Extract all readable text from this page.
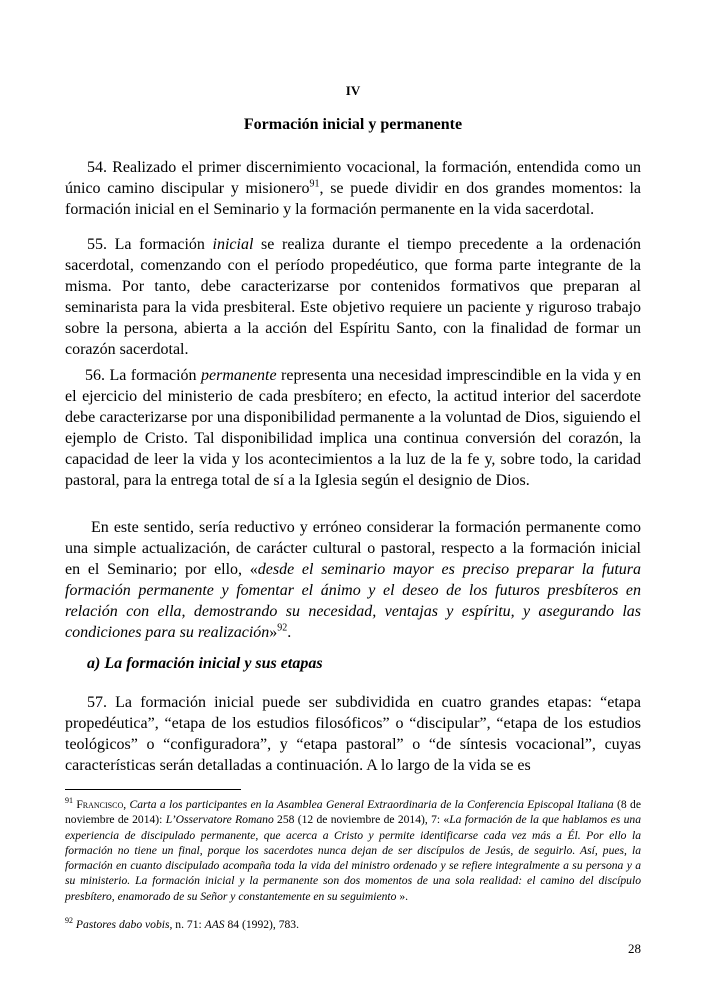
IV
Formación inicial y permanente

54. Realizado el primer discernimiento vocacional, la formación, entendida como un único camino discipular y misionero$^{91}$, se puede dividir en dos grandes momentos: la formación inicial en el Seminario y la formación permanente en la vida sacerdotal.

55. La formación inicial se realiza durante el tiempo precedente a la ordenación sacerdotal, comenzando con el período propedéutico, que forma parte integrante de la misma. Por tanto, debe caracterizarse por contenidos formativos que preparan al seminarista para la vida presbiteral. Este objetivo requiere un paciente y riguroso trabajo sobre la persona, abierta a la acción del Espíritu Santo, con la finalidad de formar un corazón sacerdotal.

56. La formación permanente representa una necesidad imprescindible en la vida y en el ejercicio del ministerio de cada presbítero; en efecto, la actitud interior del sacerdote debe caracterizarse por una disponibilidad permanente a la voluntad de Dios, siguiendo el ejemplo de Cristo. Tal disponibilidad implica una continua conversión del corazón, la capacidad de leer la vida y los acontecimientos a la luz de la fe y, sobre todo, la caridad pastoral, para la entrega total de sí a la Iglesia según el designio de Dios.

En este sentido, sería reductivo y erróneo considerar la formación permanente como una simple actualización, de carácter cultural o pastoral, respecto a la formación inicial en el Seminario; por ello, «desde el seminario mayor es preciso preparar la futura formación permanente y fomentar el ánimo y el deseo de los futuros presbíteros en relación con ella, demostrando su necesidad, ventajas y espíritu, y asegurando las condiciones para su realización»$^{92}$.

a) La formación inicial y sus etapas

57. La formación inicial puede ser subdividida en cuatro grandes etapas: “etapa propedéutica”, “etapa de los estudios filosóficos” o “discipular”, “etapa de los estudios teológicos” o “configuradora”, y “etapa pastoral” o “de síntesis vocacional”, cuyas características serán detalladas a continuación. A lo largo de la vida se es

$^{91}$ Francisco, Carta a los participantes en la Asamblea General Extraordinaria de la Conferencia Episcopal Italiana (8 de noviembre de 2014): L’Osservatore Romano 258 (12 de noviembre de 2014), 7: «La formación de la que hablamos es una experiencia de discipulado permanente, que acerca a Cristo y permite identificarse cada vez más a Él. Por ello la formación no tiene un final, porque los sacerdotes nunca dejan de ser discípulos de Jesús, de seguirlo. Así, pues, la formación en cuanto discipulado acompaña toda la vida del ministro ordenado y se refiere integralmente a su persona y a su ministerio. La formación inicial y la permanente son dos momentos de una sola realidad: el camino del discípulo presbítero, enamorado de su Señor y constantemente en su seguimiento ».

$^{92}$ Pastores dabo vobis, n. 71: AAS 84 (1992), 783.

28
